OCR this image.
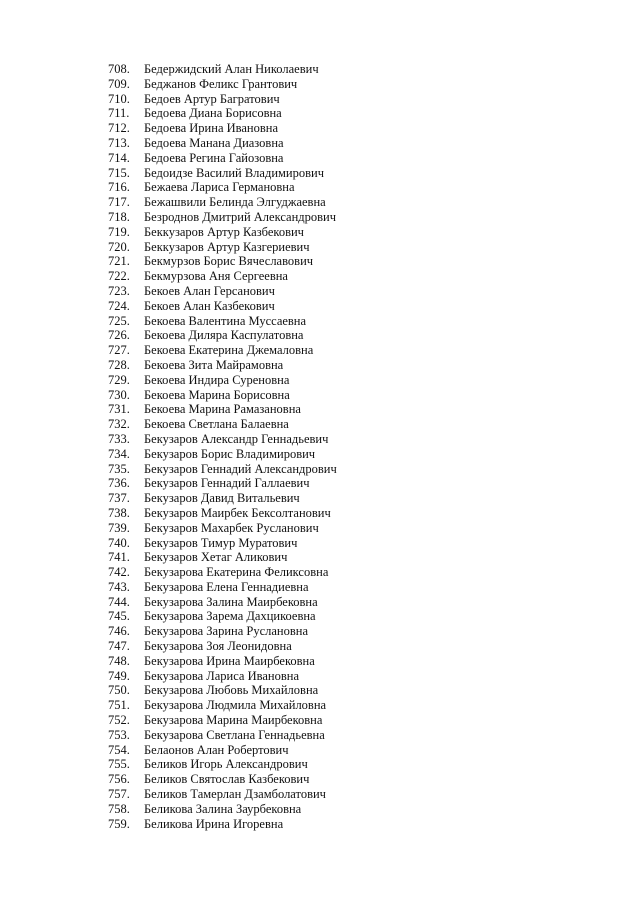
708.	Бедержидский Алан Николаевич
709.	Беджанов Феликс Грантович
710.	Бедоев Артур Багратович
711.	Бедоева Диана Борисовна
712.	Бедоева Ирина Ивановна
713.	Бедоева Манана Диазовна
714.	Бедоева Регина Гайозовна
715.	Бедоидзе Василий Владимирович
716.	Бежаева Лариса Германовна
717.	Бежашвили Белинда Элгуджаевна
718.	Безроднов Дмитрий Александрович
719.	Беккузаров Артур Казбекович
720.	Беккузаров Артур Казгериевич
721.	Бекмурзов Борис Вячеславович
722.	Бекмурзова Аня Сергеевна
723.	Бекоев Алан Герсанович
724.	Бекоев Алан Казбекович
725.	Бекоева Валентина Муссаевна
726.	Бекоева Диляра Каспулатовна
727.	Бекоева Екатерина Джемаловна
728.	Бекоева Зита Майрамовна
729.	Бекоева Индира Суреновна
730.	Бекоева Марина Борисовна
731.	Бекоева Марина Рамазановна
732.	Бекоева Светлана Балаевна
733.	Бекузаров Александр Геннадьевич
734.	Бекузаров Борис Владимирович
735.	Бекузаров Геннадий Александрович
736.	Бекузаров Геннадий Галлаевич
737.	Бекузаров Давид Витальевич
738.	Бекузаров Маирбек Бексолтанович
739.	Бекузаров Махарбек Русланович
740.	Бекузаров Тимур Муратович
741.	Бекузаров Хетаг Аликович
742.	Бекузарова Екатерина Феликсовна
743.	Бекузарова Елена Геннадиевна
744.	Бекузарова Залина Маирбековна
745.	Бекузарова Зарема Дахцикоевна
746.	Бекузарова Зарина Руслановна
747.	Бекузарова Зоя Леонидовна
748.	Бекузарова Ирина Маирбековна
749.	Бекузарова Лариса Ивановна
750.	Бекузарова Любовь Михайловна
751.	Бекузарова Людмила Михайловна
752.	Бекузарова Марина Маирбековна
753.	Бекузарова Светлана Геннадьевна
754.	Белаонов Алан Робертович
755.	Беликов Игорь Александрович
756.	Беликов Святослав Казбекович
757.	Беликов Тамерлан Дзамболатович
758.	Беликова Залина Заурбековна
759.	Беликова Ирина Игоревна
